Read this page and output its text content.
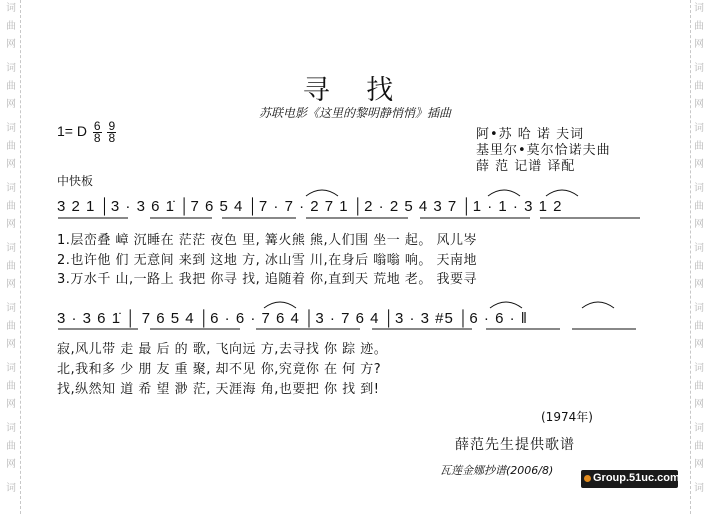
词
曲
网
词
曲
网
词
曲
网
词
曲
网
词
曲
网
词
曲
网
词
曲
网
词
曲
网
词
词
曲
网
词
曲
网
词
曲
网
词
曲
网
词
曲
网
词
曲
网
词
曲
网
词
曲
网
词
寻 找
苏联电影《这里的黎明静悄悄》插曲
1= D $\frac{6}{8}$
$\frac{9}{8}$
中快板
阿•苏 哈 诺 夫词
基里尔•莫尔恰诺夫曲
薛 范 记谱 译配
3 2 1 │3 · 3 6 1̇ │7 6 5 4 │7 · 7 · 2 7 1 │2 · 2 5 4 3 7 │1 · 1 · 3 1 2
1.层峦叠 嶂 沉睡在 茫茫 夜色 里, 篝火熊 熊,人们围 坐一 起。 风儿岑
2.也许他 们 无意间 来到 这地 方, 冰山雪 川,在身后 嗡嗡 响。 天南地
3.万水千 山,一路上 我把 你寻 找, 追随着 你,直到天 荒地 老。 我要寻
3 · 3 6 1̇ │ 7 6 5 4 │6 · 6 · 7 6 4 │3 · 7 6 4 │3 · 3 #5 │6 · 6 · ‖
寂,风儿带 走 最 后 的 歌, 飞向远 方,去寻找 你 踪 迹。
北,我和多 少 朋 友 重 聚, 却不见 你,究竟你 在 何 方?
找,纵然知 道 希 望 渺 茫, 天涯海 角,也要把 你 找 到!
(1974年)
薛范先生提供歌谱
瓦莲金娜抄谱(2006/8)
Group.51uc.com
